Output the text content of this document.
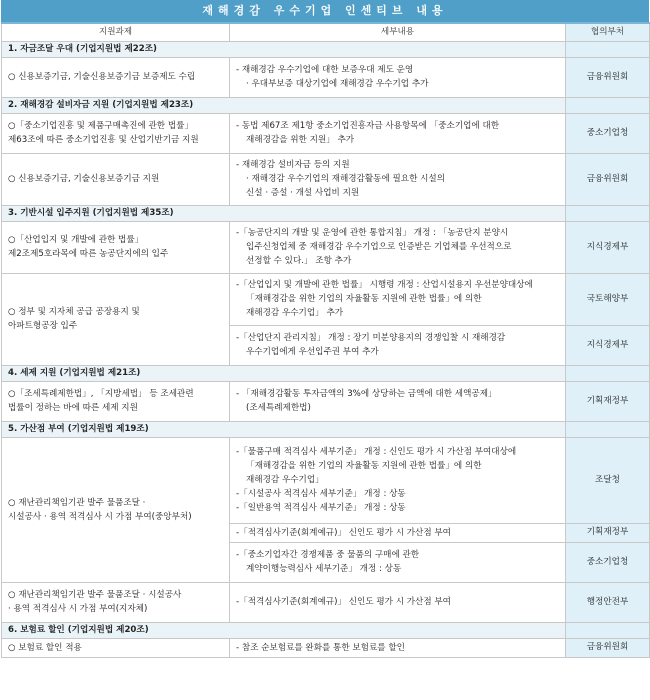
재해경감 우수기업 인센티브 내용
지원과제	세부내용	협의부처
1. 자금조달 우대 (기업지원법 제22조)		

○ 신용보증기금, 기술신용보증기금 보증제도 수립	- 재해경감 우수기업에 대한 보증우대 제도 운영
· 우대부보증 대상기업에 재해경감 우수기업 추가	금융위원회
2. 재해경감 설비자금 지원 (기업지원법 제23조)		

○「중소기업진흥 및 제품구매촉진에 관한 법률」
제63조에 따른 중소기업진흥 및 산업기반기금 지원	- 동법 제67조 제1항 중소기업진흥자금 사용항목에 「중소기업에 대한
재해경감을 위한 지원」 추가	중소기업청

○ 신용보증기금, 기술신용보증기금 지원	- 재해경감 설비자금 등의 지원
· 재해경감 우수기업의 재해경감활동에 필요한 시설의
신설 · 증설 · 개설 사업비 지원	금융위원회
3. 기반시설 입주지원 (기업지원법 제35조)		

○「산업입지 및 개발에 관한 법률」
제2조제5호라목에 따른 농공단지에의 입주	-「농공단지의 개발 및 운영에 관한 통합지침」 개정 : 「농공단지 분양시
입주신청업체 중 재해경감 우수기업으로 인증받은 기업체를 우선적으로
선정할 수 있다.」 조항 추가	지식경제부

○ 정부 및 지자체 공급 공장용지 및
아파트형공장 입주	-「산업입지 및 개발에 관한 법률」 시행령 개정 : 산업시설용지 우선분양대상에
「재해경감을 위한 기업의 자율활동 지원에 관한 법률」에 의한
재해경감 우수기업」 추가	국토해양부

	-「산업단지 관리지침」 개정 : 장기 미분양용지의 경쟁입찰 시 재해경감
우수기업에게 우선입주권 부여 추가	지식경제부
4. 세제 지원 (기업지원법 제21조)		

○「조세특례제한법」, 「지방세법」 등 조세관련
법률이 정하는 바에 따른 세제 지원	- 「재해경감활동 투자금액의 3%에 상당하는 금액에 대한 세액공제」
(조세특례제한법)	기획재정부
5. 가산점 부여 (기업지원법 제19조)		

○ 재난관리책임기관 발주 물품조달 ·
시설공사 · 용역 적격심사 시 가점 부여(중앙부처)	-「물품구매 적격심사 세부기준」 개정 : 신인도 평가 시 가산점 부여대상에
「재해경감을 위한 기업의 자율활동 지원에 관한 법률」에 의한
재해경감 우수기업」
-「시설공사 적격심사 세부기준」 개정 : 상동
-「일반용역 적격심사 세부기준」 개정 : 상동	조달청

	-「적격심사기준(회계예규)」 신인도 평가 시 가산점 부여	기획재정부

	-「중소기업자간 경쟁제품 중 물품의 구매에 관한
계약이행능력심사 세부기준」 개정 : 상동	중소기업청

○ 재난관리책임기관 발주 물품조달 · 시설공사
· 용역 적격심사 시 가점 부여(지자체)	-「적격심사기준(회계예규)」 신인도 평가 시 가산점 부여	행정안전부
6. 보험료 할인 (기업지원법 제20조)		

○ 보험료 할인 적용	- 참조 순보험료를 완화를 통한 보험료를 할인	금융위원회
